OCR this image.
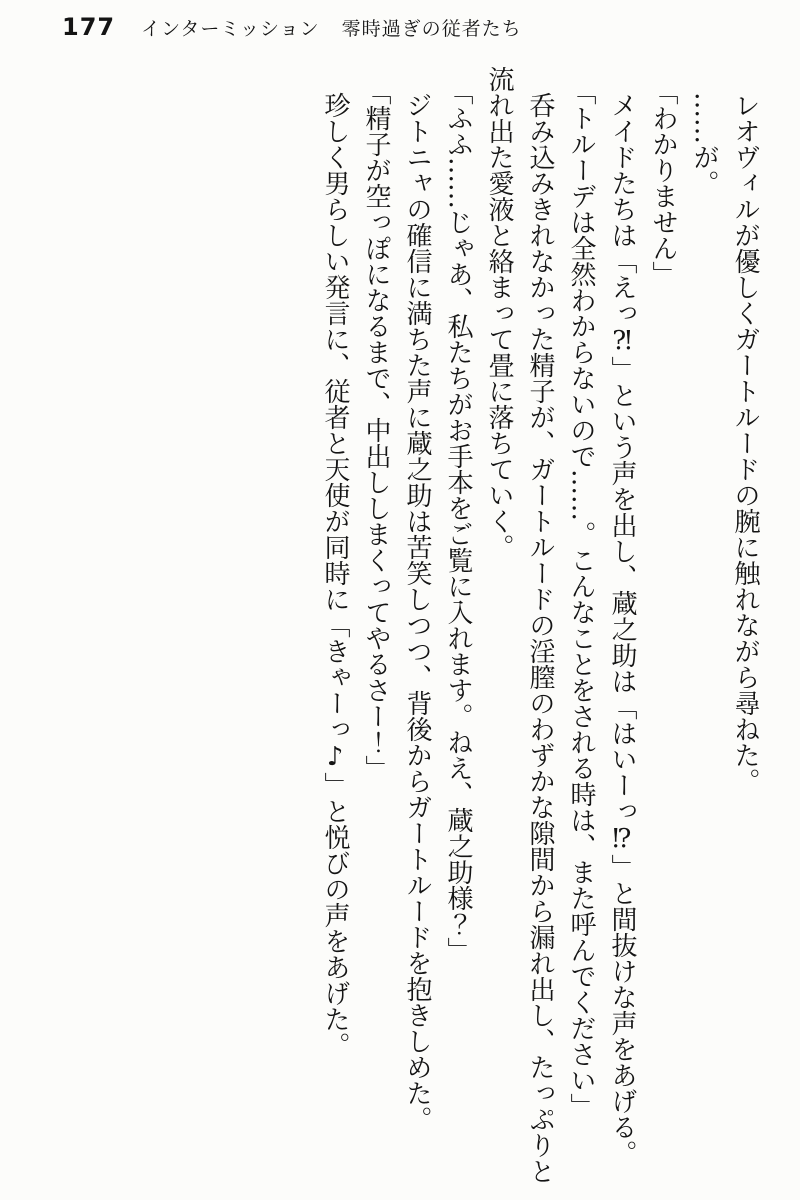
177 インターミッション 零時過ぎの従者たち

レオヴィルが優しくガートルードの腕に触れながら尋ねた。

……が。

「わかりません」

メイドたちは「えっ⁈」という声を出し、蔵之助は「はいーっ⁉」と間抜けな声をあげる。

「トルーデは全然わからないので……。こんなことをされる時は、また呼んでください」

呑み込みきれなかった精子が、ガートルードの淫膣のわずかな隙間から漏れ出し、たっぷりと流れ出た愛液と絡まって畳に落ちていく。

「ふふ……じゃあ、私たちがお手本をご覧に入れます。ねえ、蔵之助様？」

ジトニャの確信に満ちた声に蔵之助は苦笑しつつ、背後からガートルードを抱きしめた。

「精子が空っぽになるまで、中出ししまくってやるさー！」

珍しく男らしい発言に、従者と天使が同時に「きゃーっ♪」と悦びの声をあげた。
